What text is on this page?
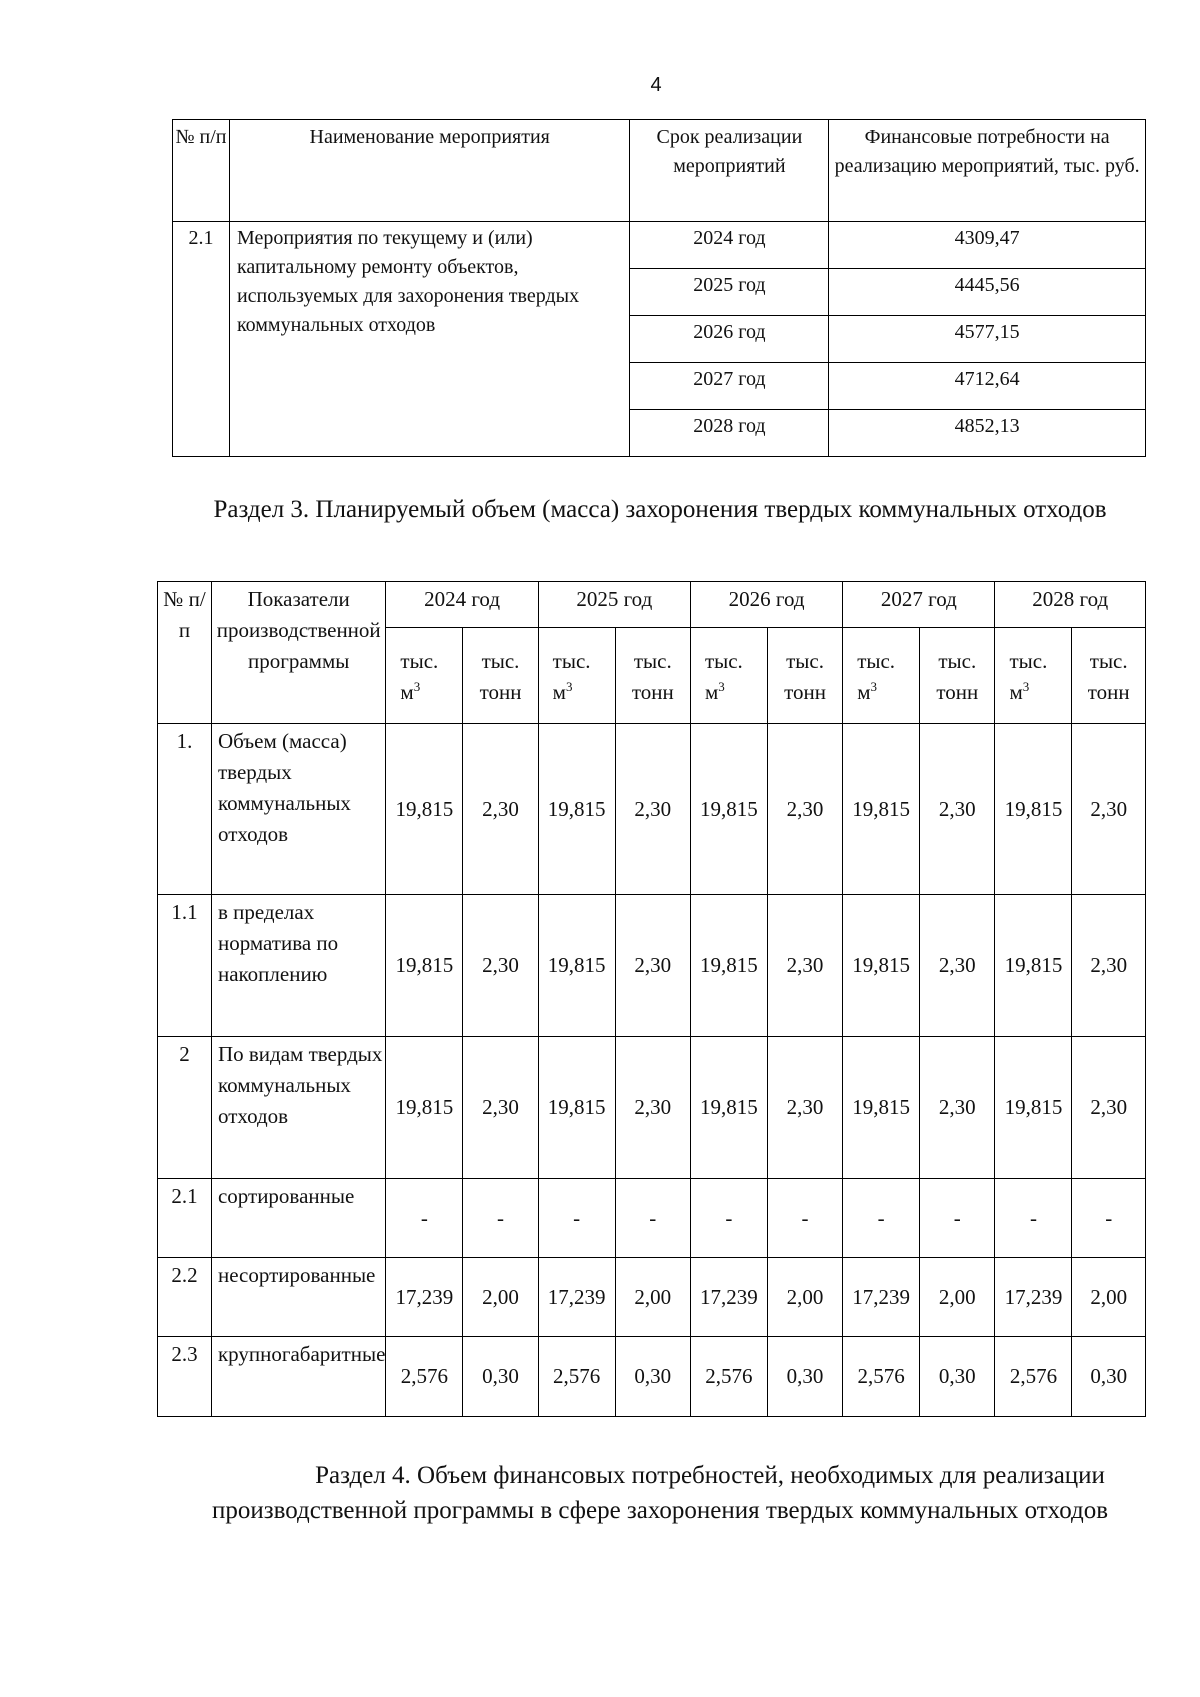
4
№ п/п	Наименование мероприятия	Срок реализации мероприятий	Финансовые потребности на реализацию мероприятий, тыс. руб.
2.1	Мероприятия по текущему и (или) капитальному ремонту объектов, используемых для захоронения твердых коммунальных отходов	2024 год	4309,47
		2025 год	4445,56
		2026 год	4577,15
		2027 год	4712,64
		2028 год	4852,13
Раздел 3. Планируемый объем (масса) захоронения твердых коммунальных отходов
№ п/п	Показатели производственной программы	2024 год		2025 год		2026 год		2027 год		2028 год	
		тыс. $м^3$	тыс. тонн	тыс. $м^3$	тыс. тонн	тыс. $м^3$	тыс. тонн	тыс. $м^3$	тыс. тонн	тыс. $м^3$	тыс. тонн
1.	Объем (масса) твердых коммунальных отходов	19,815	2,30	19,815	2,30	19,815	2,30	19,815	2,30	19,815	2,30
1.1	в пределах норматива по накоплению	19,815	2,30	19,815	2,30	19,815	2,30	19,815	2,30	19,815	2,30
2	По видам твердых коммунальных отходов	19,815	2,30	19,815	2,30	19,815	2,30	19,815	2,30	19,815	2,30
2.1	сортированные	-	-	-	-	-	-	-	-	-	-
2.2	несортированные	17,239	2,00	17,239	2,00	17,239	2,00	17,239	2,00	17,239	2,00
2.3	крупногабаритные	2,576	0,30	2,576	0,30	2,576	0,30	2,576	0,30	2,576	0,30
Раздел 4. Объем финансовых потребностей, необходимых для реализации производственной программы в сфере захоронения твердых коммунальных отходов
